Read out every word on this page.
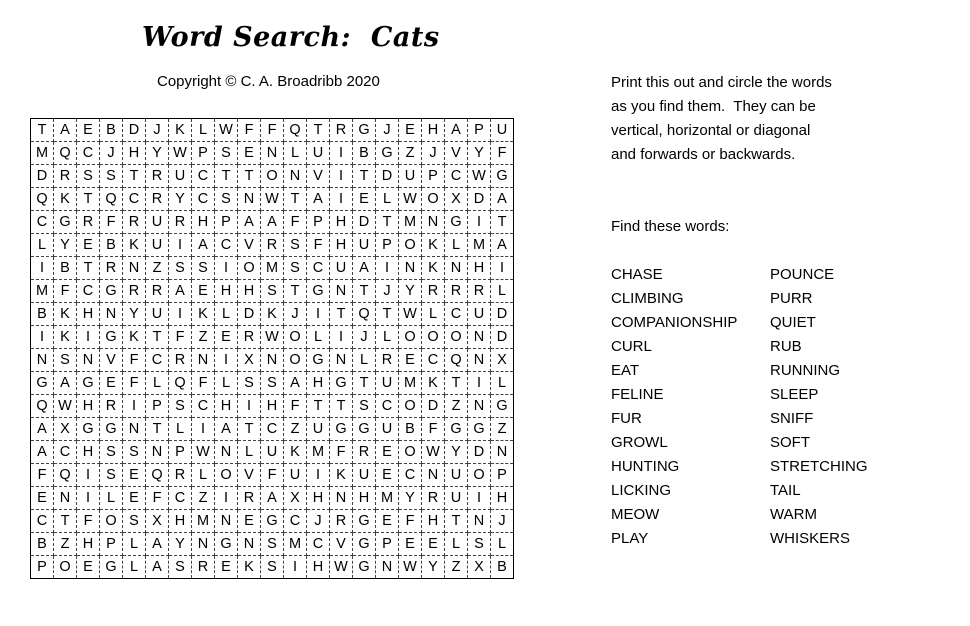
Word Search:  Cats
Copyright © C. A. Broadribb 2020
T	A	E	B	D	J	K	L	W	F	F	Q	T	R	G	J	E	H	A	P	U
M	Q	C	J	H	Y	W	P	S	E	N	L	U	I	B	G	Z	J	V	Y	F
D	R	S	S	T	R	U	C	T	T	O	N	V	I	T	D	U	P	C	W	G
Q	K	T	Q	C	R	Y	C	S	N	W	T	A	I	E	L	W	O	X	D	A
C	G	R	F	R	U	R	H	P	A	A	F	P	H	D	T	M	N	G	I	T
L	Y	E	B	K	U	I	A	C	V	R	S	F	H	U	P	O	K	L	M	A
I	B	T	R	N	Z	S	S	I	O	M	S	C	U	A	I	N	K	N	H	I
M	F	C	G	R	R	A	E	H	H	S	T	G	N	T	J	Y	R	R	R	L
B	K	H	N	Y	U	I	K	L	D	K	J	I	T	Q	T	W	L	C	U	D
I	K	I	G	K	T	F	Z	E	R	W	O	L	I	J	L	O	O	O	N	D
N	S	N	V	F	C	R	N	I	X	N	O	G	N	L	R	E	C	Q	N	X
G	A	G	E	F	L	Q	F	L	S	S	A	H	G	T	U	M	K	T	I	L
Q	W	H	R	I	P	S	C	H	I	H	F	T	T	S	C	O	D	Z	N	G
A	X	G	G	N	T	L	I	A	T	C	Z	U	G	G	U	B	F	G	G	Z
A	C	H	S	S	N	P	W	N	L	U	K	M	F	R	E	O	W	Y	D	N
F	Q	I	S	E	Q	R	L	O	V	F	U	I	K	U	E	C	N	U	O	P
E	N	I	L	E	F	C	Z	I	R	A	X	H	N	H	M	Y	R	U	I	H
C	T	F	O	S	X	H	M	N	E	G	C	J	R	G	E	F	H	T	N	J
B	Z	H	P	L	A	Y	N	G	N	S	M	C	V	G	P	E	E	L	S	L
P	O	E	G	L	A	S	R	E	K	S	I	H	W	G	N	W	Y	Z	X	B
Print this out and circle the words
as you find them.  They can be
vertical, horizontal or diagonal
and forwards or backwards.
Find these words:
CHASE
CLIMBING
COMPANIONSHIP
CURL
EAT
FELINE
FUR
GROWL
HUNTING
LICKING
MEOW
PLAY
POUNCE
PURR
QUIET
RUB
RUNNING
SLEEP
SNIFF
SOFT
STRETCHING
TAIL
WARM
WHISKERS
